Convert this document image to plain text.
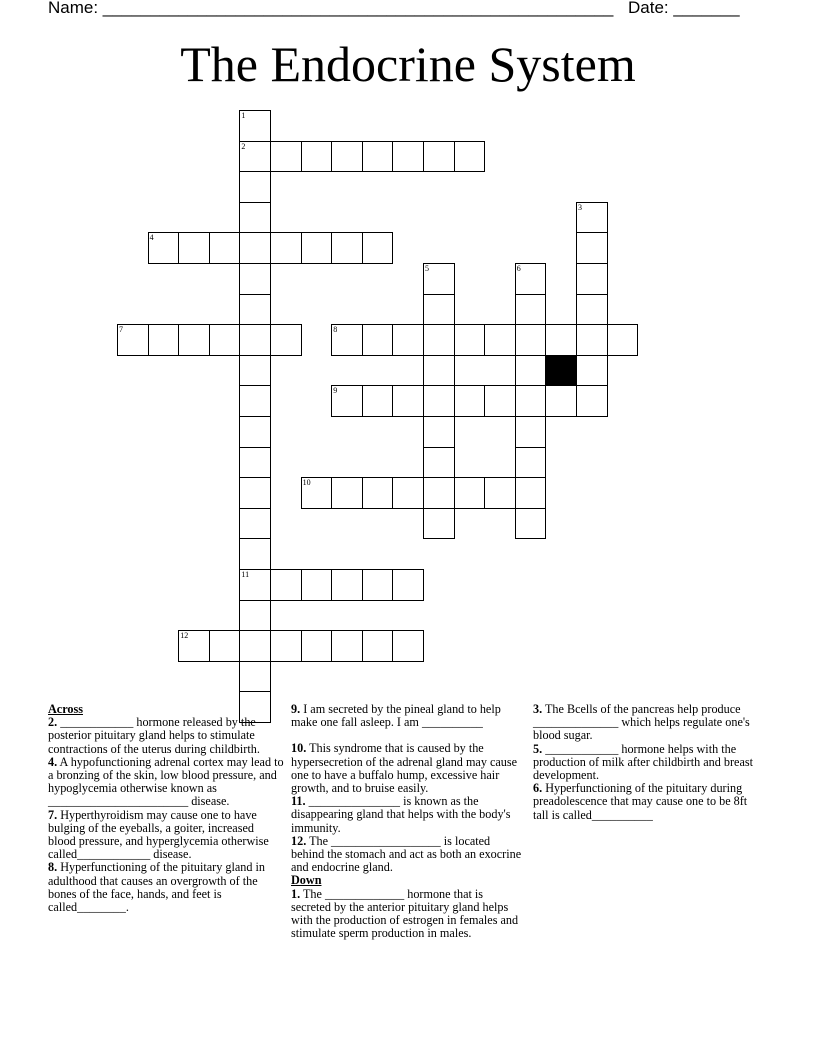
Name: ______________________________________________________ Date: _______
The Endocrine System
1
2
3
4
5	6
7	8
9
10
11
12

Across

2. ____________ hormone released by the posterior pituitary gland helps to stimulate contractions of the uterus during childbirth.

4. A hypofunctioning adrenal cortex may lead to a bronzing of the skin, low blood pressure, and hypoglycemia otherwise known as _______________________ disease.

7. Hyperthyroidism may cause one to have bulging of the eyeballs, a goiter, increased blood pressure, and hyperglycemia otherwise called____________ disease.

8. Hyperfunctioning of the pituitary gland in adulthood that causes an overgrowth of the bones of the face, hands, and feet is called________.

9. I am secreted by the pineal gland to help make one fall asleep. I am __________

10. This syndrome that is caused by the hypersecretion of the adrenal gland may cause one to have a buffalo hump, excessive hair growth, and to bruise easily.

11. _______________ is known as the disappearing gland that helps with the body's immunity.

12. The __________________ is located behind the stomach and act as both an exocrine and endocrine gland.

Down

1. The _____________ hormone that is secreted by the anterior pituitary gland helps with the production of estrogen in females and stimulate sperm production in males.

3. The Bcells of the pancreas help produce ______________ which helps regulate one's blood sugar.

5. ____________ hormone helps with the production of milk after childbirth and breast development.

6. Hyperfunctioning of the pituitary during preadolescence that may cause one to be 8ft tall is called__________
